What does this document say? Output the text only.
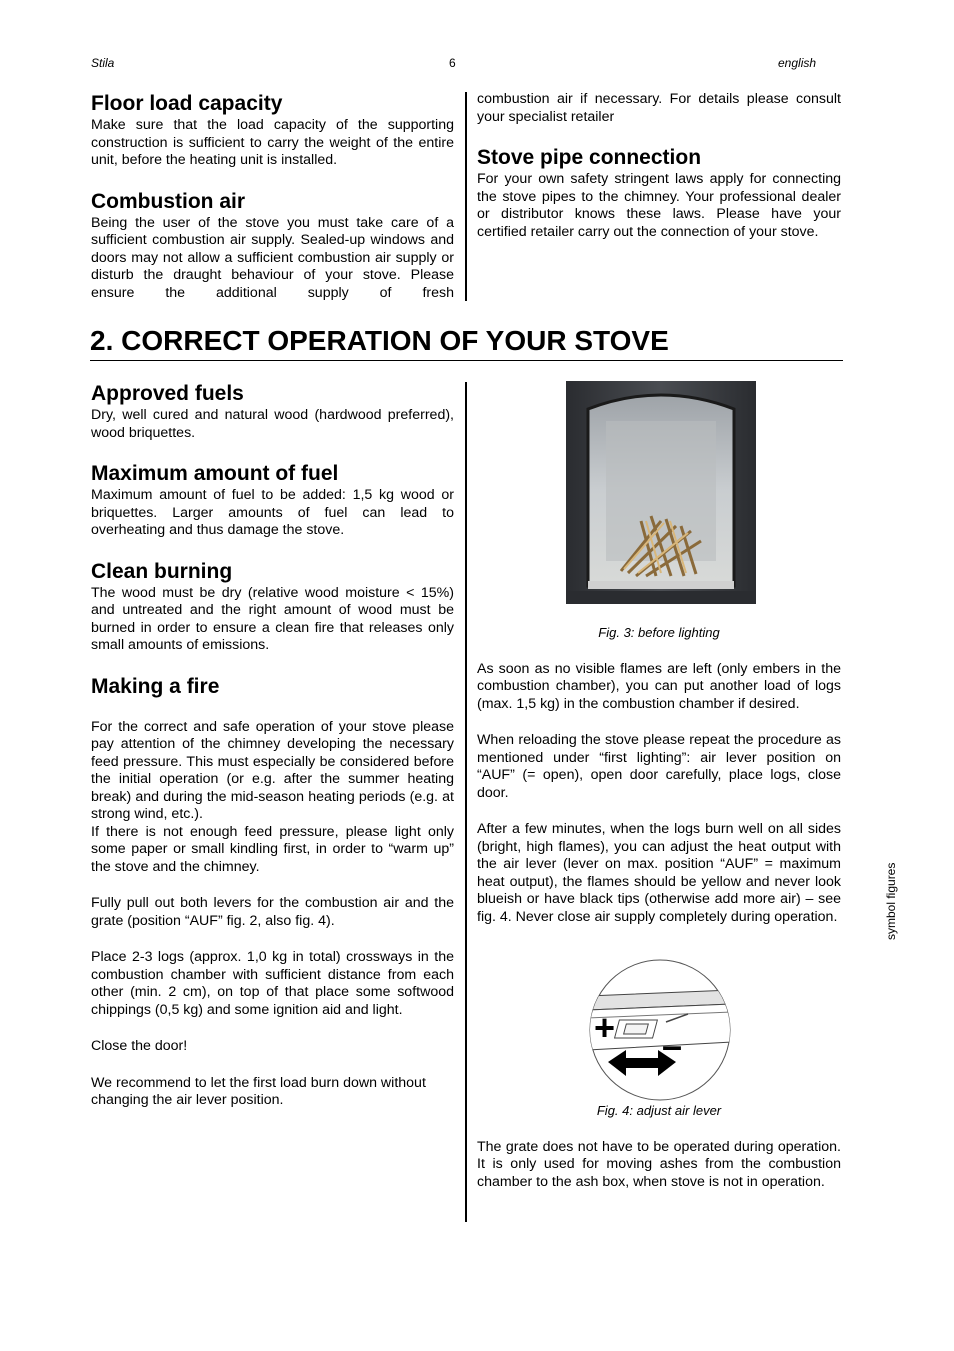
Stila	6	english
Floor load capacity

Make sure that the load capacity of the supporting construction is sufficient to carry the weight of the entire unit, before the heating unit is installed.

Combustion air

Being the user of the stove you must take care of a sufficient combustion air supply. Sealed-up windows and doors may not allow a sufficient combustion air supply or disturb the draught behaviour of your stove. Please ensure the additional supply of fresh

combustion air if necessary. For details please consult your specialist retailer

Stove pipe connection

For your own safety stringent laws apply for connecting the stove pipes to the chimney. Your professional dealer or distributor knows these laws. Please have your certified retailer carry out the connection of your stove.

2. CORRECT OPERATION OF YOUR STOVE
Approved fuels

Dry, well cured and natural wood (hardwood preferred), wood briquettes.

Maximum amount of fuel

Maximum amount of fuel to be added: 1,5 kg wood or briquettes. Larger amounts of fuel can lead to overheating and thus damage the stove.

Clean burning

The wood must be dry (relative wood moisture < 15%) and untreated and the right amount of wood must be burned in order to ensure a clean fire that releases only small amounts of emissions.

Making a fire

For the correct and safe operation of your stove please pay attention of the chimney developing the necessary feed pressure. This must especially be considered before the initial operation (or e.g. after the summer heating break) and during the mid-season heating periods (e.g. at strong wind, etc.).

If there is not enough feed pressure, please light only some paper or small kindling first, in order to “warm up” the stove and the chimney.

Fully pull out both levers for the combustion air and the grate (position “AUF” fig. 2, also fig. 4).

Place 2-3 logs (approx. 1,0 kg in total) crossways in the combustion chamber with sufficient distance from each other (min. 2 cm), on top of that place some softwood chippings (0,5 kg) and some ignition aid and light.

Close the door!

We recommend to let the first load burn down without changing the air lever position.

Fig. 3: before lighting

As soon as no visible flames are left (only embers in the combustion chamber), you can put another load of logs (max. 1,5 kg) in the combustion chamber if desired.

When reloading the stove please repeat the procedure as mentioned under “first lighting”: air lever position on “AUF” (= open), open door carefully, place logs, close door.

After a few minutes, when the logs burn well on all sides (bright, high flames), you can adjust the heat output with the air lever (lever on max. position “AUF” = maximum heat output), the flames should be yellow and never look blueish or have black tips (otherwise add more air) – see fig. 4. Never close air supply completely during operation.

+ –
Fig. 4: adjust air lever

The grate does not have to be operated during operation. It is only used for moving ashes from the combustion chamber to the ash box, when stove is not in operation.

symbol figures
